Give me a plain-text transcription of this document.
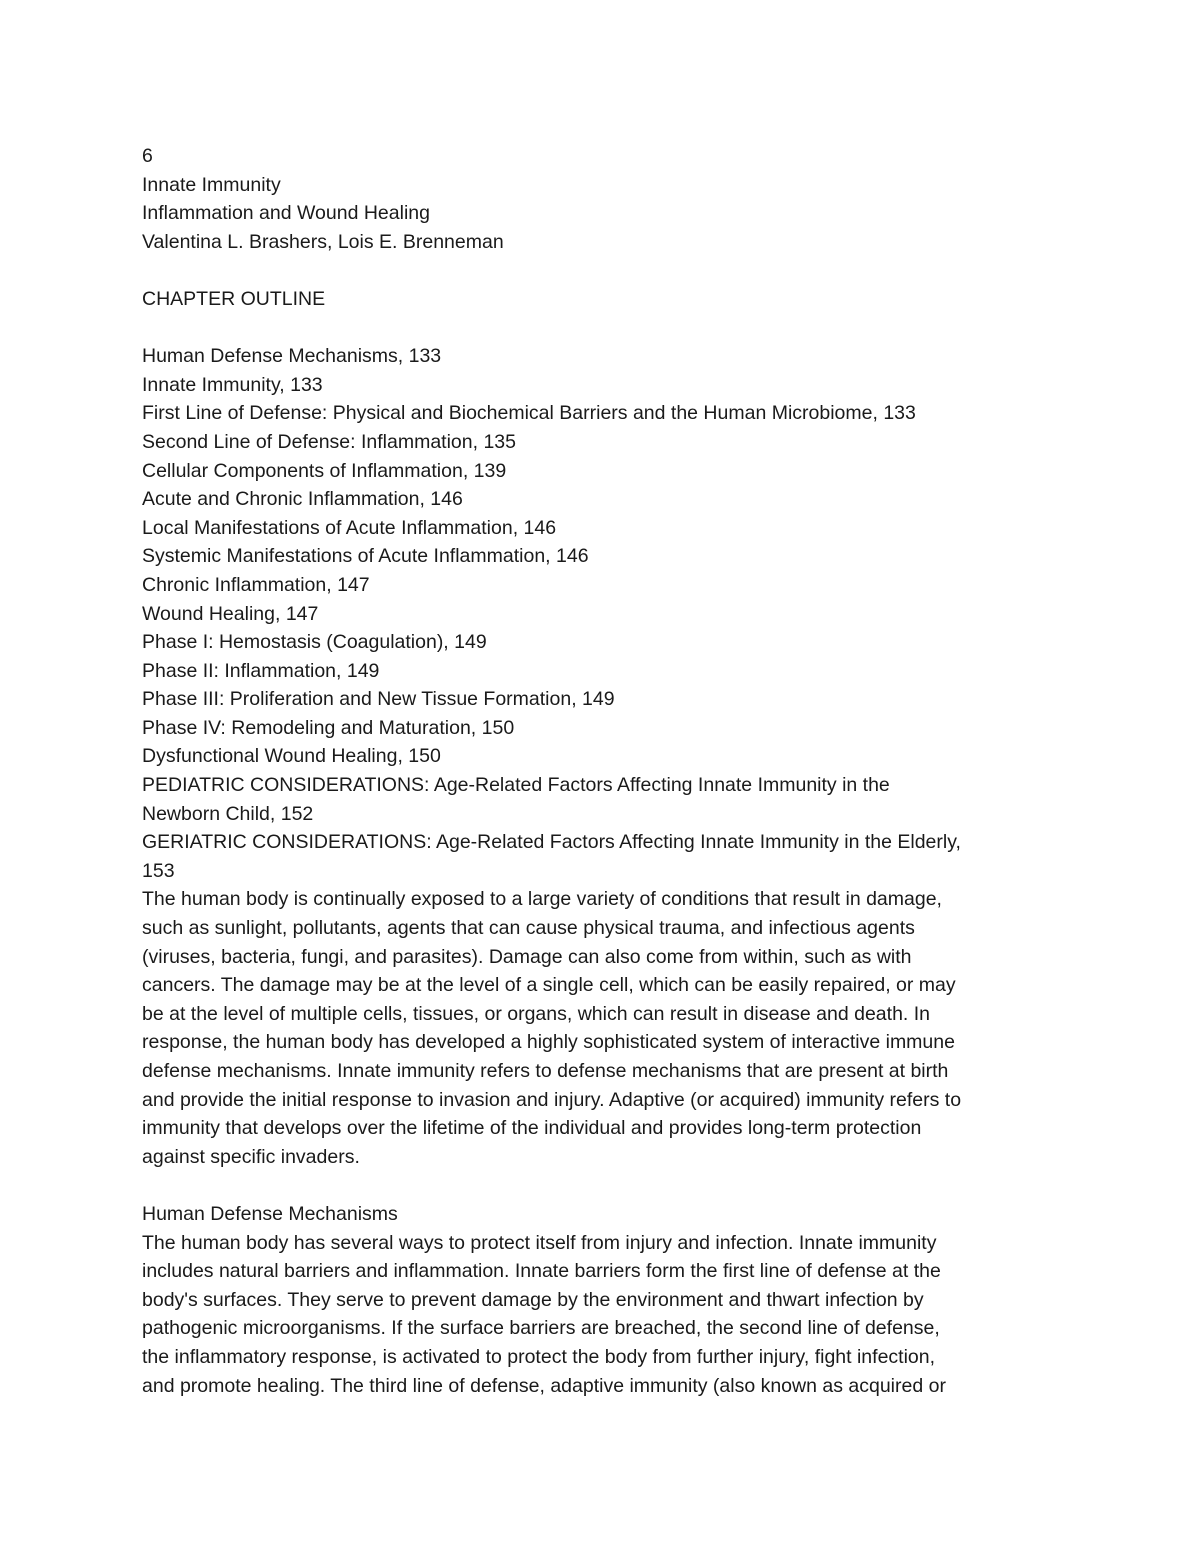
6
Innate Immunity
Inflammation and Wound Healing
Valentina L. Brashers, Lois E. Brenneman
CHAPTER OUTLINE
Human Defense Mechanisms, 133
Innate Immunity, 133
First Line of Defense: Physical and Biochemical Barriers and the Human Microbiome, 133
Second Line of Defense: Inflammation, 135
Cellular Components of Inflammation, 139
Acute and Chronic Inflammation, 146
Local Manifestations of Acute Inflammation, 146
Systemic Manifestations of Acute Inflammation, 146
Chronic Inflammation, 147
Wound Healing, 147
Phase I: Hemostasis (Coagulation), 149
Phase II: Inflammation, 149
Phase III: Proliferation and New Tissue Formation, 149
Phase IV: Remodeling and Maturation, 150
Dysfunctional Wound Healing, 150
PEDIATRIC CONSIDERATIONS: Age-Related Factors Affecting Innate Immunity in the
Newborn Child, 152
GERIATRIC CONSIDERATIONS: Age-Related Factors Affecting Innate Immunity in the Elderly,
153
The human body is continually exposed to a large variety of conditions that result in damage,
such as sunlight, pollutants, agents that can cause physical trauma, and infectious agents
(viruses, bacteria, fungi, and parasites). Damage can also come from within, such as with
cancers. The damage may be at the level of a single cell, which can be easily repaired, or may
be at the level of multiple cells, tissues, or organs, which can result in disease and death. In
response, the human body has developed a highly sophisticated system of interactive immune
defense mechanisms. Innate immunity refers to defense mechanisms that are present at birth
and provide the initial response to invasion and injury. Adaptive (or acquired) immunity refers to
immunity that develops over the lifetime of the individual and provides long-term protection
against specific invaders.
Human Defense Mechanisms
The human body has several ways to protect itself from injury and infection. Innate immunity
includes natural barriers and inflammation. Innate barriers form the first line of defense at the
body's surfaces. They serve to prevent damage by the environment and thwart infection by
pathogenic microorganisms. If the surface barriers are breached, the second line of defense,
the inflammatory response, is activated to protect the body from further injury, fight infection,
and promote healing. The third line of defense, adaptive immunity (also known as acquired or
